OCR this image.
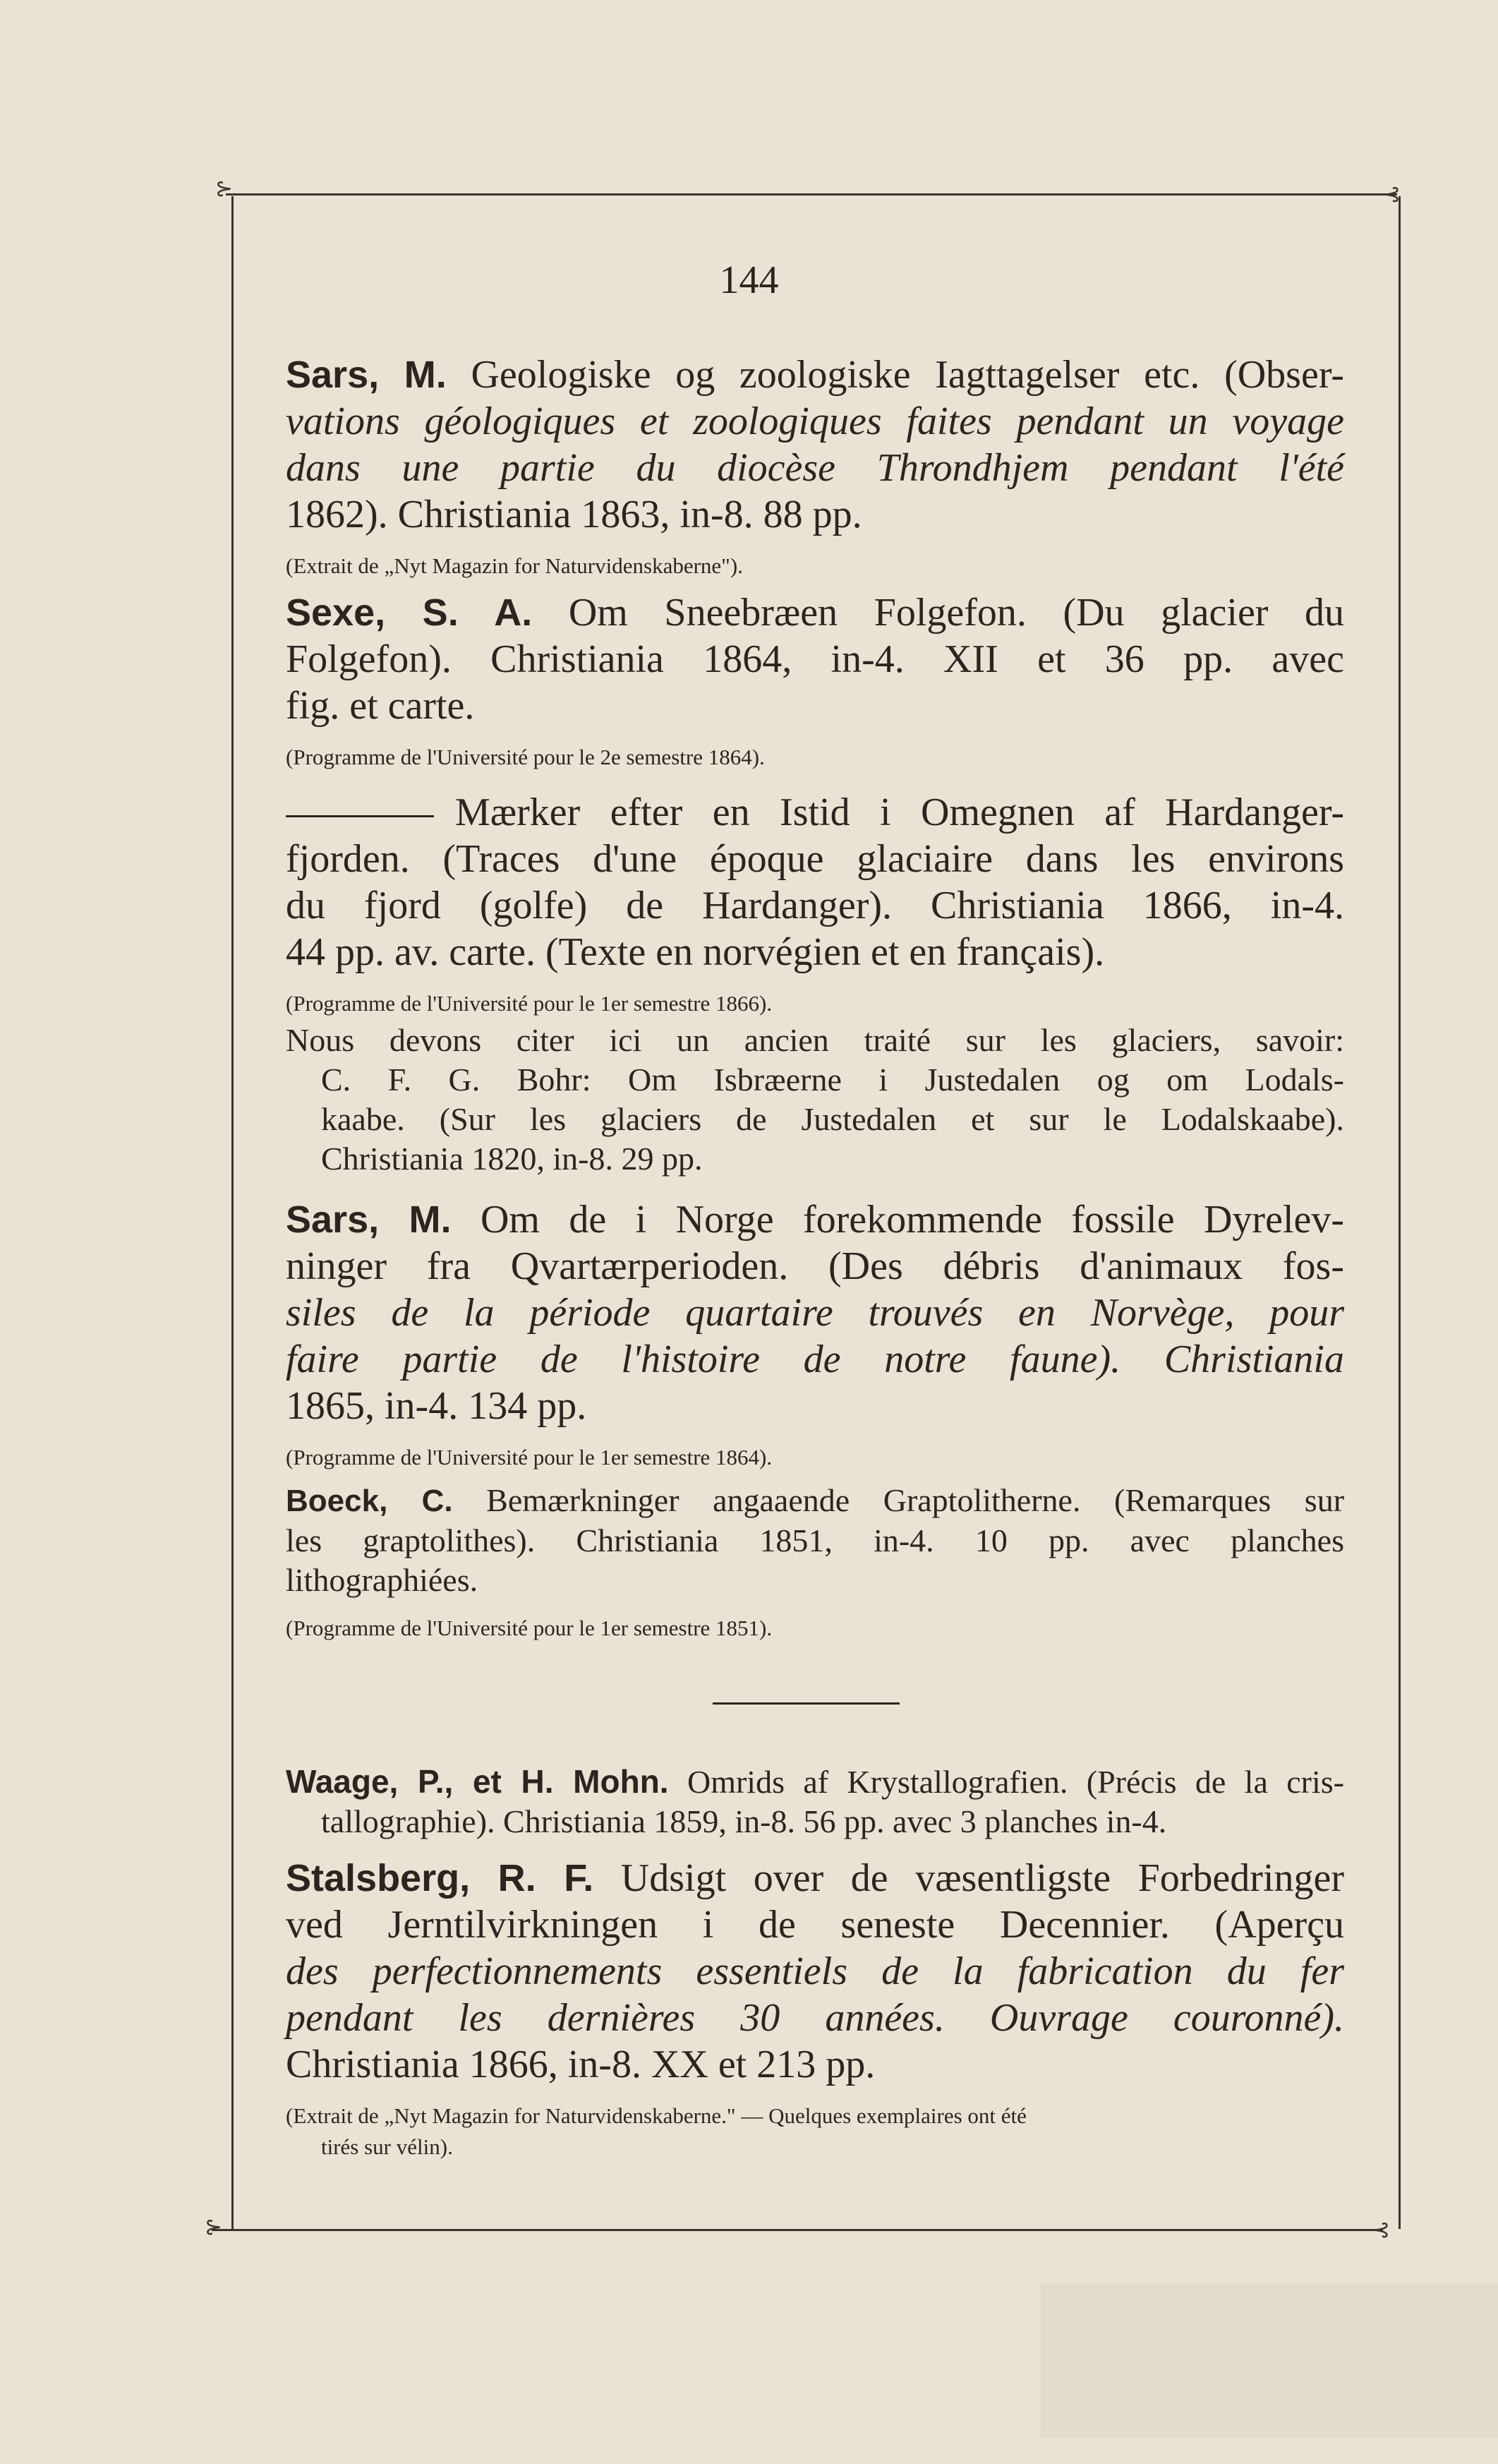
⊱	⊰
⊱	⊰
144
Sars, M. Geologiske og zoologiske Iagttagelser etc. (Obser-
vations géologiques et zoologiques faites pendant un voyage
dans une partie du diocèse Throndhjem pendant l'été
1862). Christiania 1863, in-8. 88 pp.
(Extrait de „Nyt Magazin for Naturvidenskaberne").
Sexe, S. A. Om Sneebræen Folgefon. (Du glacier du
Folgefon). Christiania 1864, in-4. XII et 36 pp. avec
fig. et carte.
(Programme de l'Université pour le 2e semestre 1864).
Mærker efter en Istid i Omegnen af Hardanger-
fjorden. (Traces d'une époque glaciaire dans les environs
du fjord (golfe) de Hardanger). Christiania 1866, in-4.
44 pp. av. carte. (Texte en norvégien et en français).
(Programme de l'Université pour le 1er semestre 1866).
Nous devons citer ici un ancien traité sur les glaciers, savoir:
C. F. G. Bohr: Om Isbræerne i Justedalen og om Lodals-
kaabe. (Sur les glaciers de Justedalen et sur le Lodalskaabe).
Christiania 1820, in-8. 29 pp.
Sars, M. Om de i Norge forekommende fossile Dyrelev-
ninger fra Qvartærperioden. (Des débris d'animaux fos-
siles de la période quartaire trouvés en Norvège, pour
faire partie de l'histoire de notre faune). Christiania
1865, in-4. 134 pp.
(Programme de l'Université pour le 1er semestre 1864).
Boeck, C. Bemærkninger angaaende Graptolitherne. (Remarques sur
les graptolithes). Christiania 1851, in-4. 10 pp. avec planches
lithographiées.
(Programme de l'Université pour le 1er semestre 1851).
Waage, P., et H. Mohn. Omrids af Krystallografien. (Précis de la cris-
tallographie). Christiania 1859, in-8. 56 pp. avec 3 planches in-4.
Stalsberg, R. F. Udsigt over de væsentligste Forbedringer
ved Jerntilvirkningen i de seneste Decennier. (Aperçu
des perfectionnements essentiels de la fabrication du fer
pendant les dernières 30 années. Ouvrage couronné).
Christiania 1866, in-8. XX et 213 pp.
(Extrait de „Nyt Magazin for Naturvidenskaberne." — Quelques exemplaires ont été
tirés sur vélin).
